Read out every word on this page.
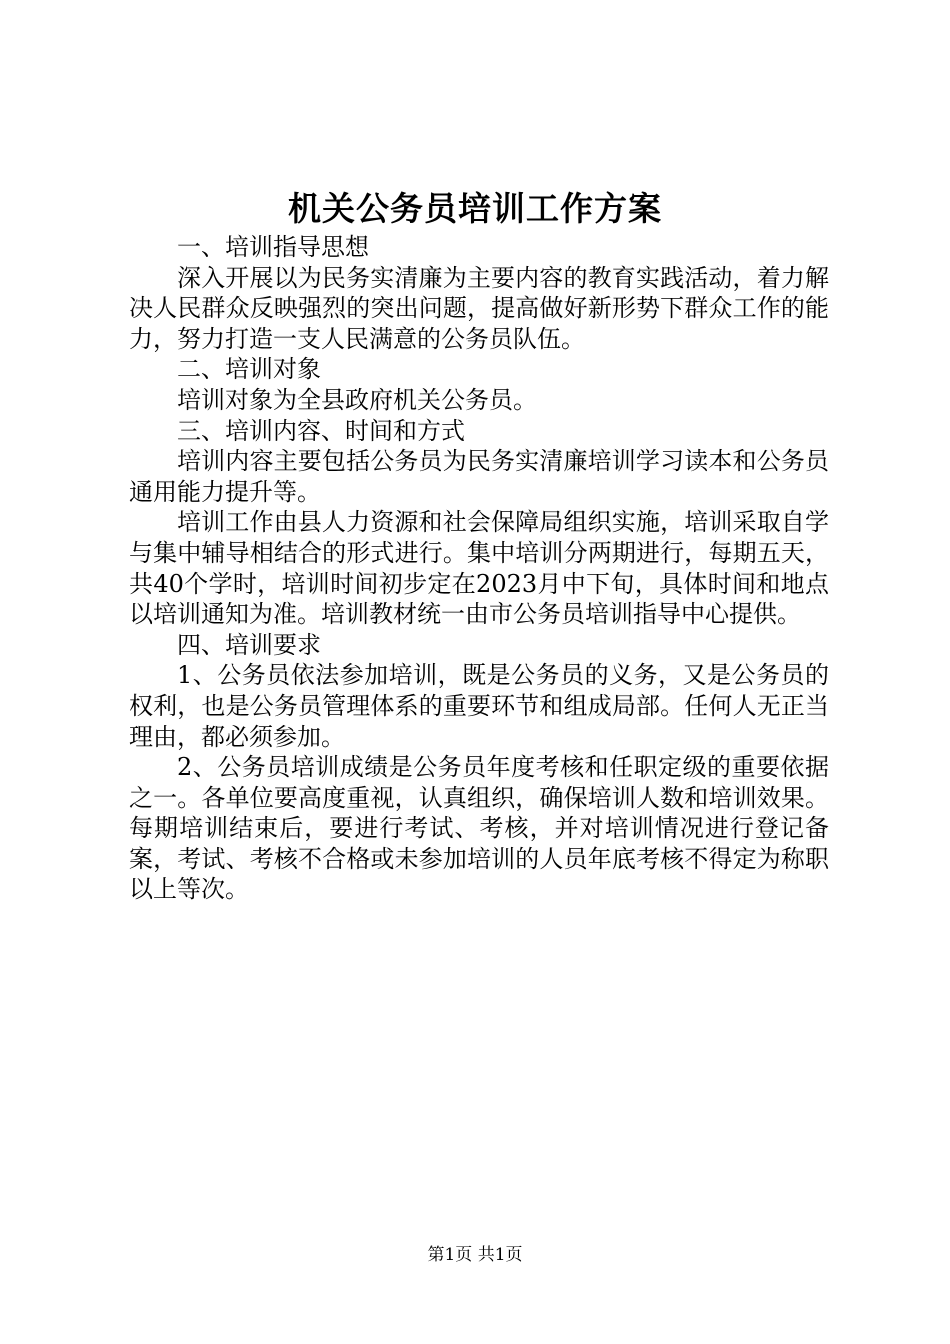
机关公务员培训工作方案

一、培训指导思想

深入开展以为民务实清廉为主要内容的教育实践活动，着力解决人民群众反映强烈的突出问题，提高做好新形势下群众工作的能力，努力打造一支人民满意的公务员队伍。

二、培训对象

培训对象为全县政府机关公务员。

三、培训内容、时间和方式

培训内容主要包括公务员为民务实清廉培训学习读本和公务员通用能力提升等。

培训工作由县人力资源和社会保障局组织实施，培训采取自学与集中辅导相结合的形式进行。集中培训分两期进行，每期五天，共40个学时，培训时间初步定在2023月中下旬，具体时间和地点以培训通知为准。培训教材统一由市公务员培训指导中心提供。

四、培训要求

1、公务员依法参加培训，既是公务员的义务，又是公务员的权利，也是公务员管理体系的重要环节和组成局部。任何人无正当理由，都必须参加。

2、公务员培训成绩是公务员年度考核和任职定级的重要依据之一。各单位要高度重视，认真组织，确保培训人数和培训效果。每期培训结束后，要进行考试、考核，并对培训情况进行登记备案，考试、考核不合格或未参加培训的人员年底考核不得定为称职以上等次。

第1页 共1页
